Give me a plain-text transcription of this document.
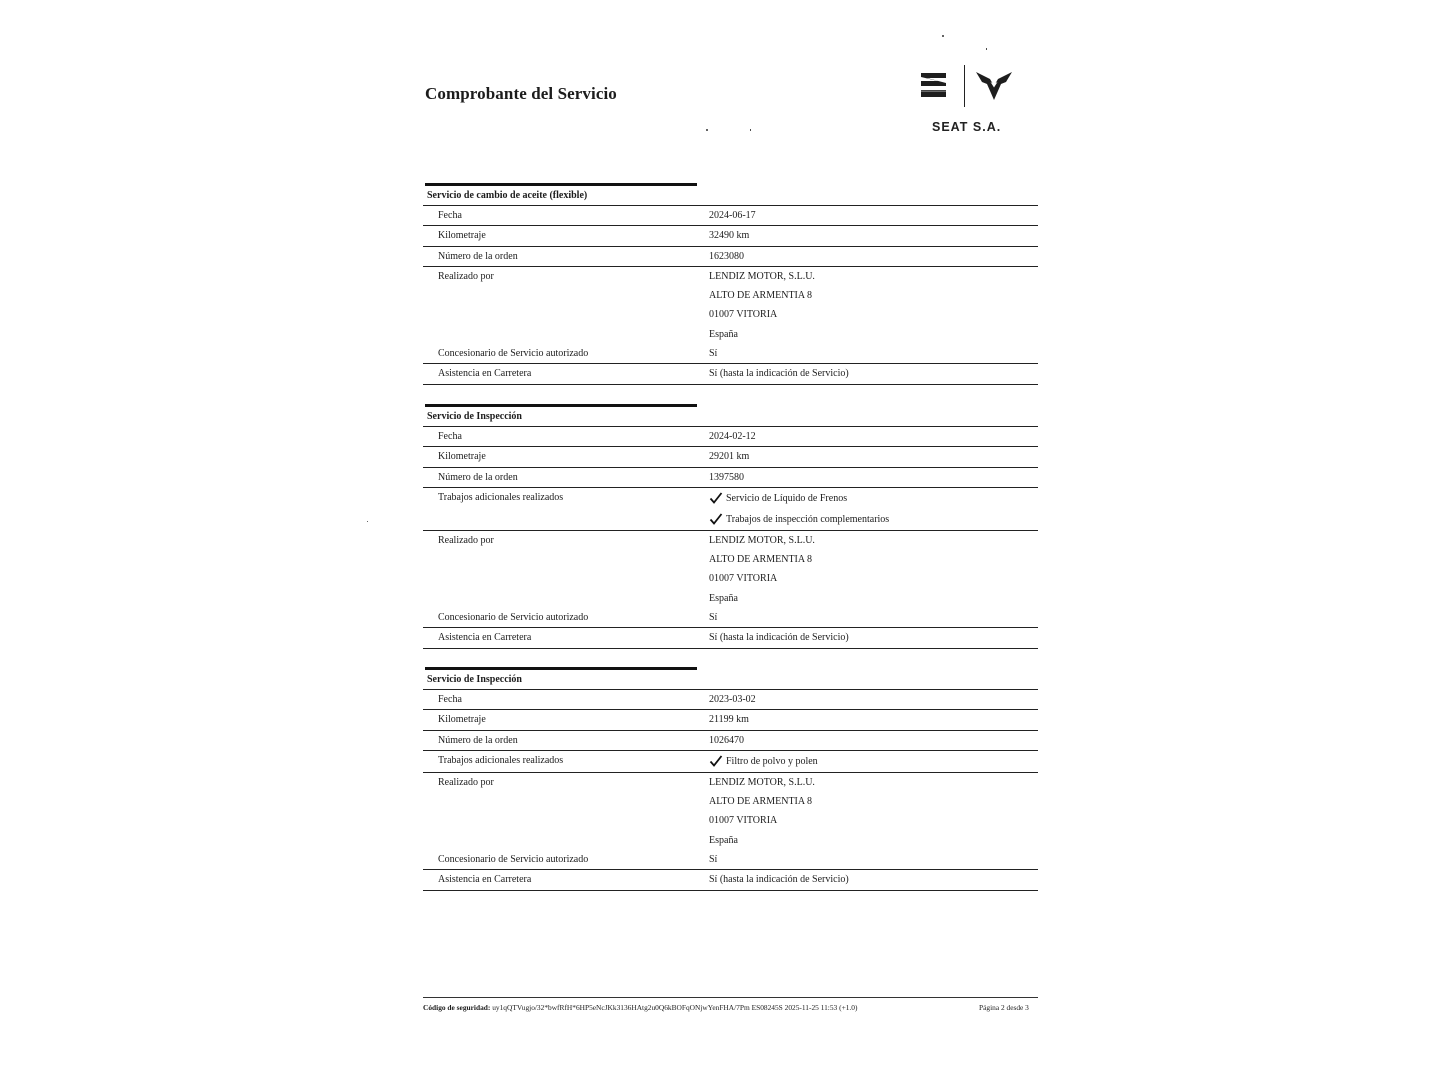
Comprobante del Servicio
SEAT S.A.
Servicio de cambio de aceite (flexible)
Fecha	2024-06-17
Kilometraje	32490 km
Número de la orden	1623080
Realizado por	LENDIZ MOTOR, S.L.U.
ALTO DE ARMENTIA 8
01007 VITORIA
España
Concesionario de Servicio autorizado	Sí
Asistencia en Carretera	Sí (hasta la indicación de Servicio)
Servicio de Inspección
Fecha	2024-02-12
Kilometraje	29201 km
Número de la orden	1397580
Trabajos adicionales realizados	Servicio de Líquido de Frenos
Trabajos de inspección complementarios
Realizado por	LENDIZ MOTOR, S.L.U.
ALTO DE ARMENTIA 8
01007 VITORIA
España
Concesionario de Servicio autorizado	Sí
Asistencia en Carretera	Sí (hasta la indicación de Servicio)
Servicio de Inspección
Fecha	2023-03-02
Kilometraje	21199 km
Número de la orden	1026470
Trabajos adicionales realizados	Filtro de polvo y polen
Realizado por	LENDIZ MOTOR, S.L.U.
ALTO DE ARMENTIA 8
01007 VITORIA
España
Concesionario de Servicio autorizado	Sí
Asistencia en Carretera	Sí (hasta la indicación de Servicio)
Código de seguridad: uy1qQTVugjo/32*bwfRfH*6HP5eNcJKk3136HAtg2u0Q6kBOFqONjwYenFHA/7Pm ES08245S 2025-11-25 11:53 (+1.0)	Página 2 desde 3
